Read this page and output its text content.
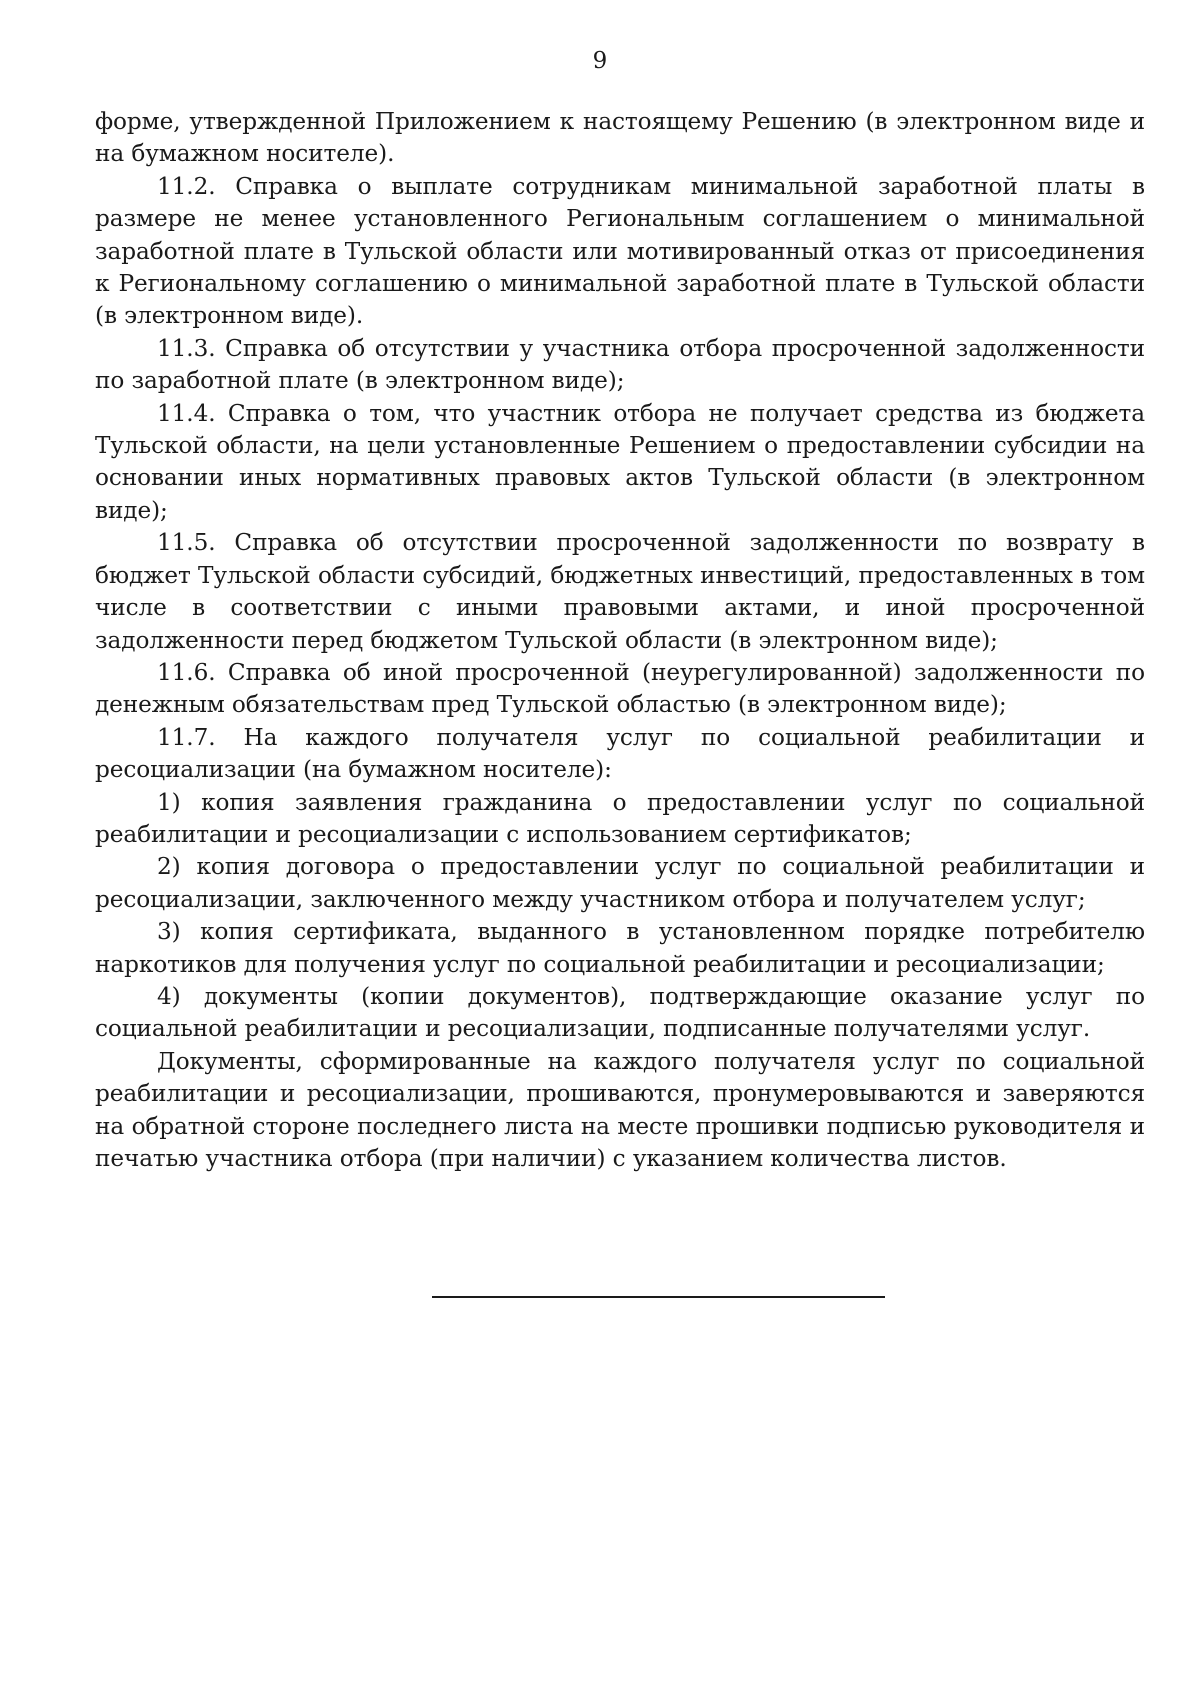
9

форме, утвержденной Приложением к настоящему Решению (в электронном виде и на бумажном носителе).

11.2. Справка о выплате сотрудникам минимальной заработной платы в размере не менее установленного Региональным соглашением о минимальной заработной плате в Тульской области или мотивированный отказ от присоединения к Региональному соглашению о минимальной заработной плате в Тульской области (в электронном виде).

11.3. Справка об отсутствии у участника отбора просроченной задолженности по заработной плате (в электронном виде);

11.4. Справка о том, что участник отбора не получает средства из бюджета Тульской области, на цели установленные Решением о предоставлении субсидии на основании иных нормативных правовых актов Тульской области (в электронном виде);

11.5. Справка об отсутствии просроченной задолженности по возврату в бюджет Тульской области субсидий, бюджетных инвестиций, предоставленных в том числе в соответствии с иными правовыми актами, и иной просроченной задолженности перед бюджетом Тульской области (в электронном виде);

11.6. Справка об иной просроченной (неурегулированной) задолженности по денежным обязательствам пред Тульской областью (в электронном виде);

11.7. На каждого получателя услуг по социальной реабилитации и ресоциализации (на бумажном носителе):

1) копия заявления гражданина о предоставлении услуг по социальной реабилитации и ресоциализации с использованием сертификатов;

2) копия договора о предоставлении услуг по социальной реабилитации и ресоциализации, заключенного между участником отбора и получателем услуг;

3) копия сертификата, выданного в установленном порядке потребителю наркотиков для получения услуг по социальной реабилитации и ресоциализации;

4) документы (копии документов), подтверждающие оказание услуг по социальной реабилитации и ресоциализации, подписанные получателями услуг.

Документы, сформированные на каждого получателя услуг по социальной реабилитации и ресоциализации, прошиваются, пронумеровываются и заверяются на обратной стороне последнего листа на месте прошивки подписью руководителя и печатью участника отбора (при наличии) с указанием количества листов.
